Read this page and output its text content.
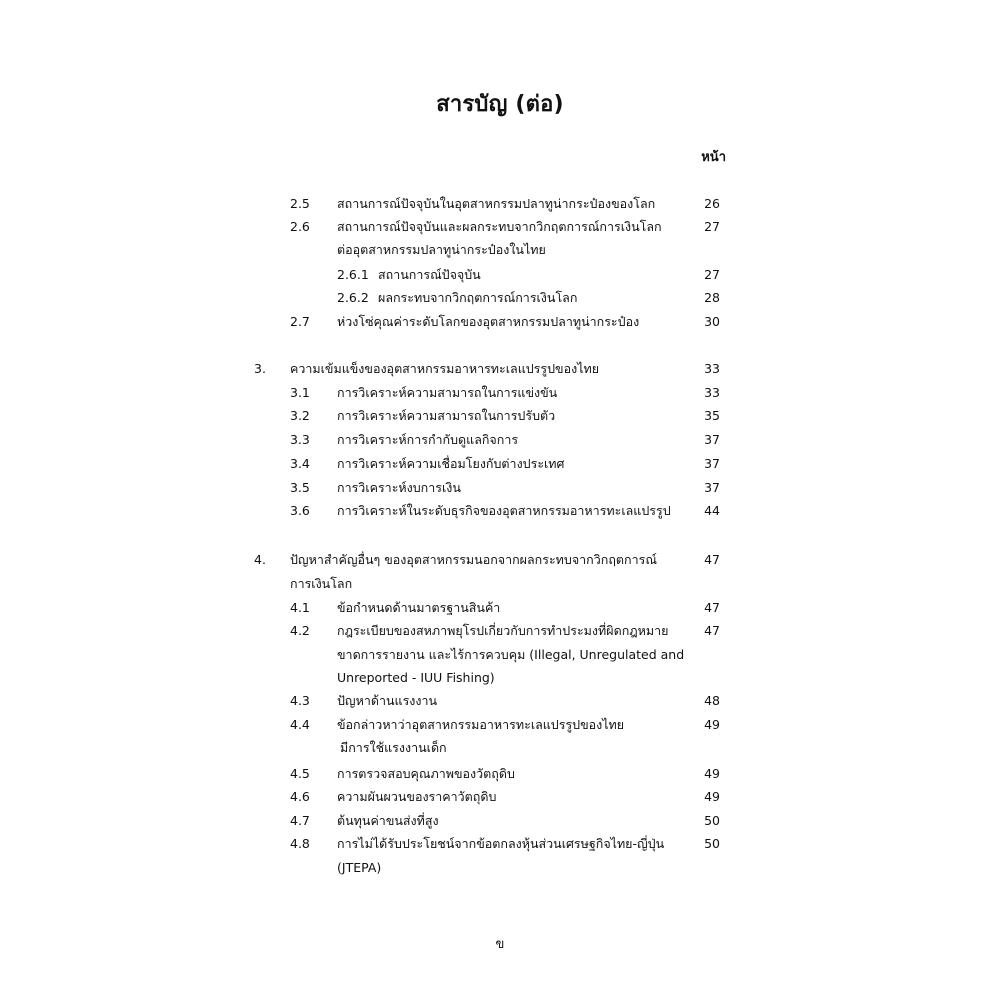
สารบัญ (ต่อ)
หน้า
2.5 สถานการณ์ปัจจุบันในอุตสาหกรรมปลาทูน่ากระป๋องของโลก	26
2.6 สถานการณ์ปัจจุบันและผลกระทบจากวิกฤตการณ์การเงินโลก	27
ต่ออุตสาหกรรมปลาทูน่ากระป๋องในไทย
2.6.1 สถานการณ์ปัจจุบัน	27
2.6.2 ผลกระทบจากวิกฤตการณ์การเงินโลก	28
2.7 ห่วงโซ่คุณค่าระดับโลกของอุตสาหกรรมปลาทูน่ากระป๋อง	30
3. ความเข้มแข็งของอุตสาหกรรมอาหารทะเลแปรรูปของไทย	33
3.1 การวิเคราะห์ความสามารถในการแข่งขัน	33
3.2 การวิเคราะห์ความสามารถในการปรับตัว	35
3.3 การวิเคราะห์การกำกับดูแลกิจการ	37
3.4 การวิเคราะห์ความเชื่อมโยงกับต่างประเทศ	37
3.5 การวิเคราะห์งบการเงิน	37
3.6 การวิเคราะห์ในระดับธุรกิจของอุตสาหกรรมอาหารทะเลแปรรูป	44
4. ปัญหาสำคัญอื่นๆ ของอุตสาหกรรมนอกจากผลกระทบจากวิกฤตการณ์	47
การเงินโลก
4.1 ข้อกำหนดด้านมาตรฐานสินค้า	47
4.2 กฎระเบียบของสหภาพยุโรปเกี่ยวกับการทำประมงที่ผิดกฎหมาย	47
ขาดการรายงาน และไร้การควบคุม (Illegal, Unregulated and
Unreported - IUU Fishing)
4.3 ปัญหาด้านแรงงาน	48
4.4 ข้อกล่าวหาว่าอุตสาหกรรมอาหารทะเลแปรรูปของไทย	49
มีการใช้แรงงานเด็ก
4.5 การตรวจสอบคุณภาพของวัตถุดิบ	49
4.6 ความผันผวนของราคาวัตถุดิบ	49
4.7 ต้นทุนค่าขนส่งที่สูง	50
4.8 การไม่ได้รับประโยชน์จากข้อตกลงหุ้นส่วนเศรษฐกิจไทย-ญี่ปุ่น	50
(JTEPA)
ข
